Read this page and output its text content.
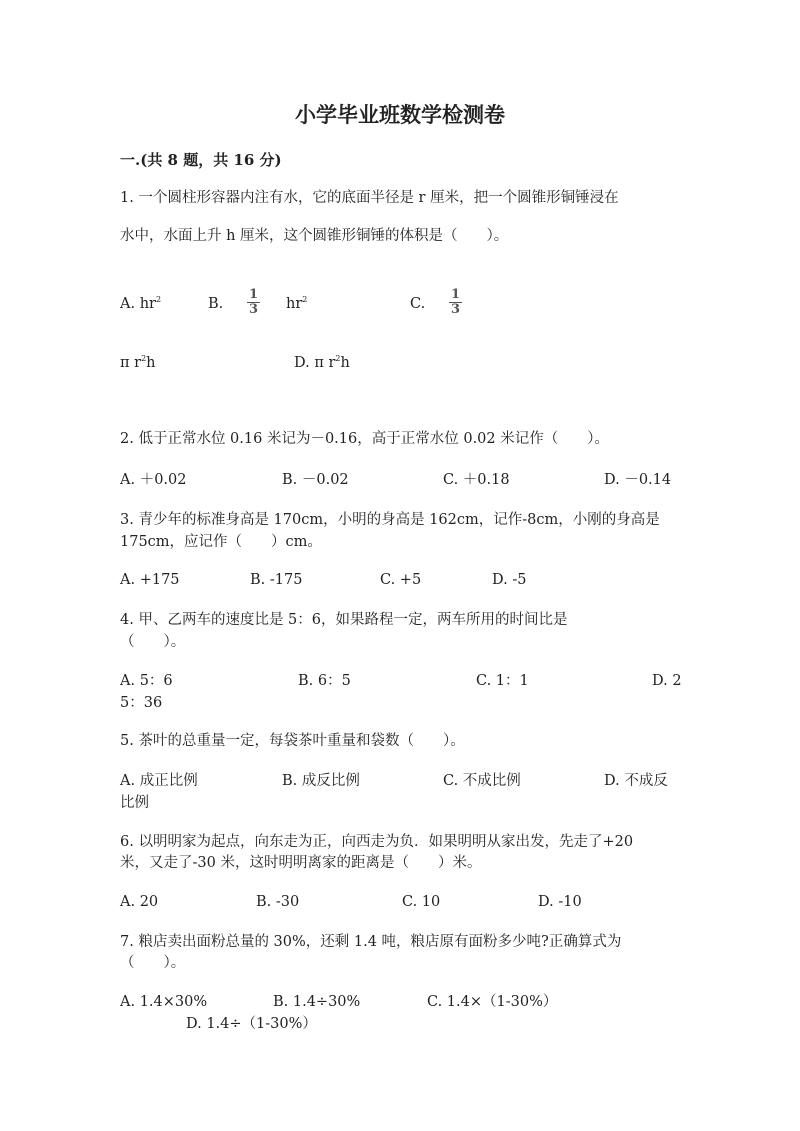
小学毕业班数学检测卷
一.(共 8 题，共 16 分)
1. 一个圆柱形容器内注有水，它的底面半径是 r 厘米，把一个圆锥形铜锤浸在
水中，水面上升 h 厘米，这个圆锥形铜锤的体积是（　　）。
A. $hr^2$	B. $\frac{1}{3} hr^2$	C. $\frac{1}{3}$
π $r^2h$	D. π $r^2h$
2. 低于正常水位 0.16 米记为－0.16，高于正常水位 0.02 米记作（　　）。
A. ＋0.02	B. －0.02	C. ＋0.18	D. －0.14
3. 青少年的标准身高是 170cm，小明的身高是 162cm，记作-8cm，小刚的身高是
175cm，应记作（　　）cm。
A. +175	B. -175	C. +5	D. -5
4. 甲、乙两车的速度比是 5：6，如果路程一定，两车所用的时间比是
（　　）。
A. 5：6	B. 6：5	C. 1：1	D. 2
5：36
5. 茶叶的总重量一定，每袋茶叶重量和袋数（　　）。
A. 成正比例	B. 成反比例	C. 不成比例	D. 不成反
比例
6. 以明明家为起点，向东走为正，向西走为负．如果明明从家出发，先走了+20
米，又走了-30 米，这时明明离家的距离是（　　）米。
A. 20	B. -30	C. 10	D. -10
7. 粮店卖出面粉总量的 30%，还剩 1.4 吨，粮店原有面粉多少吨?正确算式为
（　　）。
A. 1.4×30%	B. 1.4÷30%	C. 1.4×（1-30%）
D. 1.4÷（1-30%）
